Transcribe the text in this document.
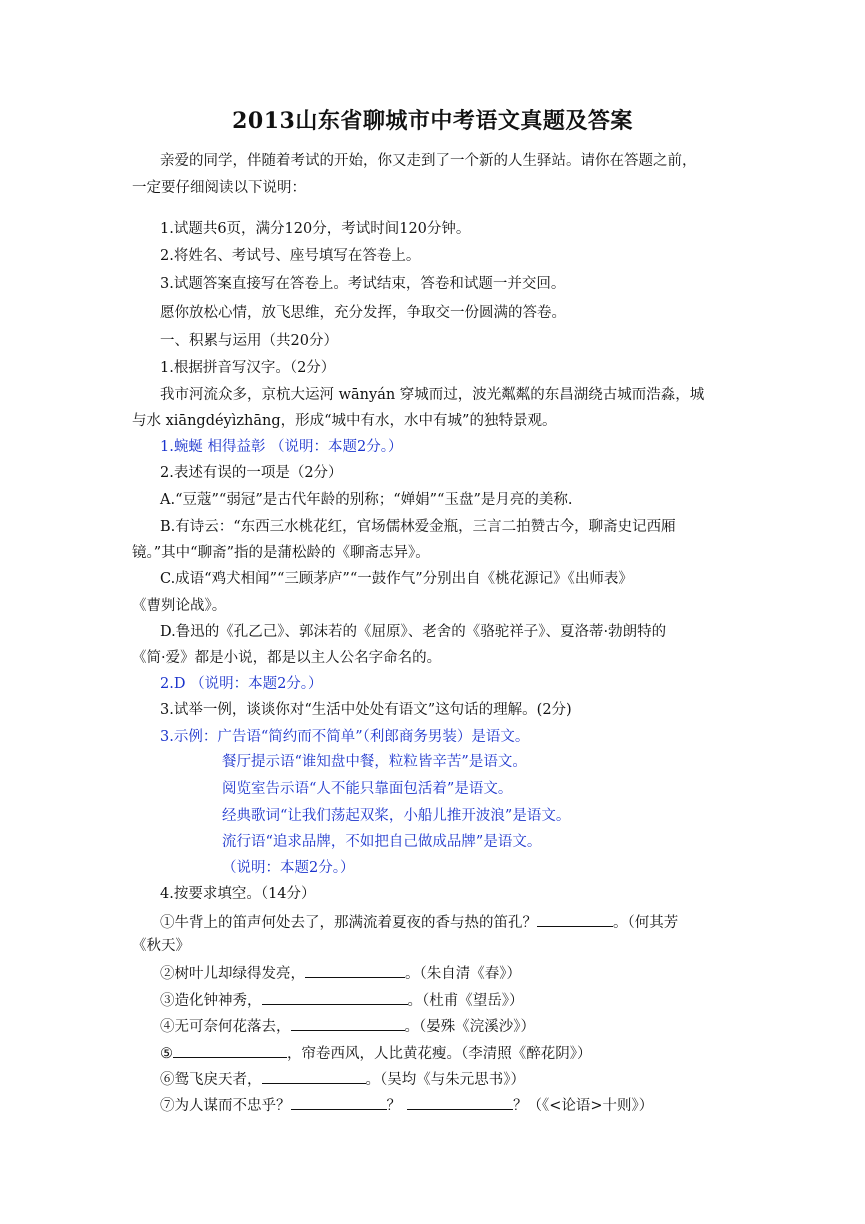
2013山东省聊城市中考语文真题及答案
亲爱的同学，伴随着考试的开始，你又走到了一个新的人生驿站。请你在答题之前，
一定要仔细阅读以下说明：
1.试题共6页，满分120分，考试时间120分钟。
2.将姓名、考试号、座号填写在答卷上。
3.试题答案直接写在答卷上。考试结束，答卷和试题一并交回。
愿你放松心情，放飞思维，充分发挥，争取交一份圆满的答卷。
一、积累与运用（共20分）
1.根据拼音写汉字。（2分）
我市河流众多，京杭大运河 wānyán 穿城而过，波光粼粼的东昌湖绕古城而浩淼，城
与水 xiāngdéyìzhāng，形成“城中有水，水中有城”的独特景观。
1.蜿蜒 相得益彰 （说明：本题2分。）
2.表述有误的一项是（2分）
A.“豆蔻”“弱冠”是古代年龄的别称；“婵娟”“玉盘”是月亮的美称.
B.有诗云：“东西三水桃花红，官场儒林爱金瓶，三言二拍赞古今，聊斋史记西厢
镜。”其中“聊斋”指的是蒲松龄的《聊斋志异》。
C.成语“鸡犬相闻”“三顾茅庐”“一鼓作气”分别出自《桃花源记》《出师表》
《曹刿论战》。
D.鲁迅的《孔乙己》、郭沫若的《屈原》、老舍的《骆驼祥子》、夏洛蒂·勃朗特的
《简·爱》都是小说，都是以主人公名字命名的。
2.D （说明：本题2分。）
3.试举一例，谈谈你对“生活中处处有语文”这句话的理解。(2分)
3.示例：广告语“简约而不简单”（利郎商务男装）是语文。
餐厅提示语“谁知盘中餐，粒粒皆辛苦”是语文。
阅览室告示语“人不能只靠面包活着”是语文。
经典歌词“让我们荡起双桨，小船儿推开波浪”是语文。
流行语“追求品牌，不如把自己做成品牌”是语文。
（说明：本题2分。）
4.按要求填空。（14分）
①牛背上的笛声何处去了，那满流着夏夜的香与热的笛孔？	。（何其芳
《秋天》
②树叶儿却绿得发亮，	。（朱自清《春》）
③造化钟神秀，	。（杜甫《望岳》）
④无可奈何花落去，	。（晏殊《浣溪沙》）
⑤	，帘卷西风，人比黄花瘦。（李清照《醉花阴》）
⑥鸳飞戾天者，	。（吴均《与朱元思书》）
⑦为人谋而不忠乎？	？	？（《<论语>十则》）
